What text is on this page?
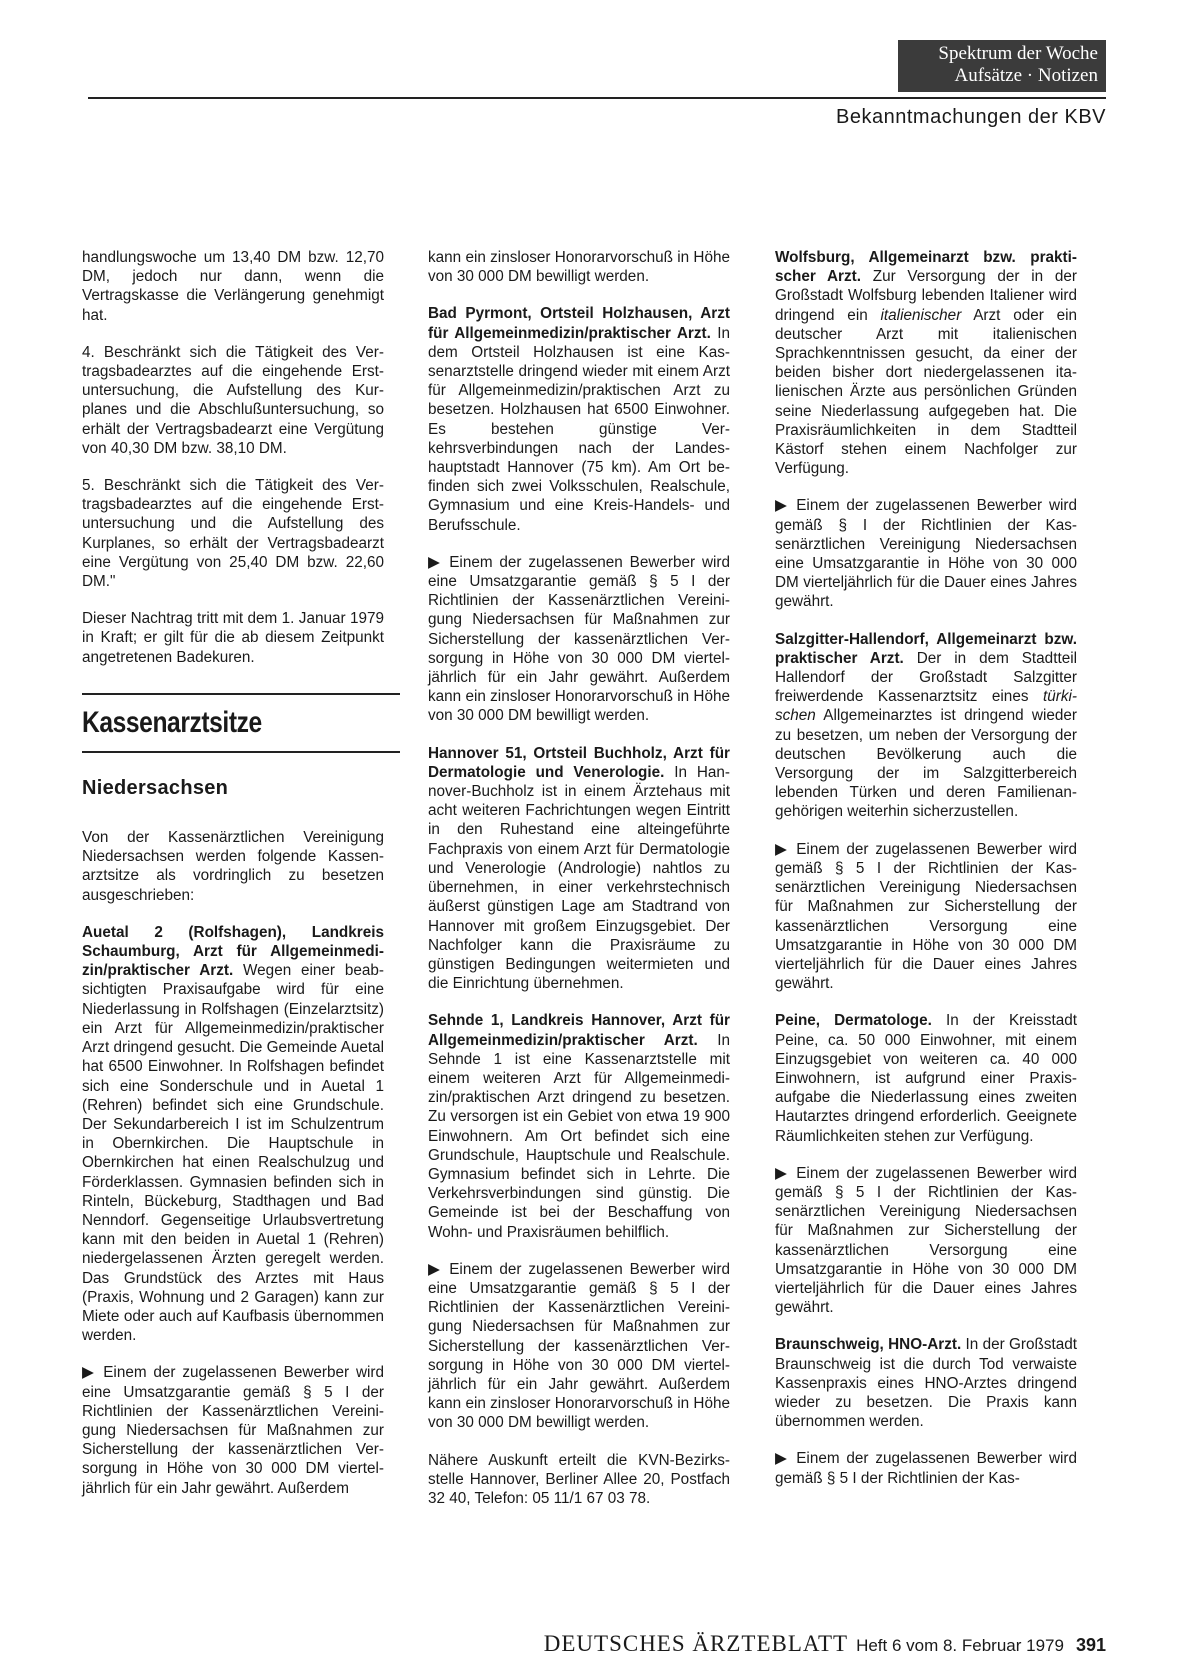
Spektrum der Woche
Aufsätze · Notizen
Bekanntmachungen der KBV

handlungswoche um 13,40 DM bzw. 12,70 DM, jedoch nur dann, wenn die Vertragskasse die Verlängerung genehmigt hat.

4. Beschränkt sich die Tätigkeit des Vertragsbadearztes auf die eingehende Erstuntersuchung, die Aufstellung des Kurplanes und die Abschlußuntersuchung, so erhält der Vertragsbadearzt eine Vergütung von 40,30 DM bzw. 38,10 DM.

5. Beschränkt sich die Tätigkeit des Vertragsbadearztes auf die eingehende Erstuntersuchung und die Aufstellung des Kurplanes, so erhält der Vertragsbadearzt eine Vergütung von 25,40 DM bzw. 22,60 DM."

Dieser Nachtrag tritt mit dem 1. Januar 1979 in Kraft; er gilt für die ab diesem Zeitpunkt angetretenen Badekuren.

Kassenarztsitze
Niedersachsen

Von der Kassenärztlichen Vereinigung Niedersachsen werden folgende Kassenarztsitze als vordringlich zu besetzen ausgeschrieben:

Auetal 2 (Rolfshagen), Landkreis Schaumburg, Arzt für Allgemeinmedizin/praktischer Arzt. Wegen einer beabsichtigten Praxisaufgabe wird für eine Niederlassung in Rolfshagen (Einzelarztsitz) ein Arzt für Allgemeinmedizin/praktischer Arzt dringend gesucht. Die Gemeinde Auetal hat 6500 Einwohner. In Rolfshagen befindet sich eine Sonderschule und in Auetal 1 (Rehren) befindet sich eine Grundschule. Der Sekundarbereich I ist im Schulzentrum in Obernkirchen. Die Hauptschule in Obernkirchen hat einen Realschulzug und Förderklassen. Gymnasien befinden sich in Rinteln, Bückeburg, Stadthagen und Bad Nenndorf. Gegenseitige Urlaubsvertretung kann mit den beiden in Auetal 1 (Rehren) niedergelassenen Ärzten geregelt werden. Das Grundstück des Arztes mit Haus (Praxis, Wohnung und 2 Garagen) kann zur Miete oder auch auf Kaufbasis übernommen werden.

▶ Einem der zugelassenen Bewerber wird eine Umsatzgarantie gemäß § 5 I der Richtlinien der Kassenärztlichen Vereinigung Niedersachsen für Maßnahmen zur Sicherstellung der kassenärztlichen Versorgung in Höhe von 30 000 DM vierteljährlich für ein Jahr gewährt. Außerdem

kann ein zinsloser Honorarvorschuß in Höhe von 30 000 DM bewilligt werden.

Bad Pyrmont, Ortsteil Holzhausen, Arzt für Allgemeinmedizin/praktischer Arzt. In dem Ortsteil Holzhausen ist eine Kassenarztstelle dringend wieder mit einem Arzt für Allgemeinmedizin/praktischen Arzt zu besetzen. Holzhausen hat 6500 Einwohner. Es bestehen günstige Verkehrsverbindungen nach der Landeshauptstadt Hannover (75 km). Am Ort befinden sich zwei Volksschulen, Realschule, Gymnasium und eine Kreis-Handels- und Berufsschule.

▶ Einem der zugelassenen Bewerber wird eine Umsatzgarantie gemäß § 5 I der Richtlinien der Kassenärztlichen Vereinigung Niedersachsen für Maßnahmen zur Sicherstellung der kassenärztlichen Versorgung in Höhe von 30 000 DM vierteljährlich für ein Jahr gewährt. Außerdem kann ein zinsloser Honorarvorschuß in Höhe von 30 000 DM bewilligt werden.

Hannover 51, Ortsteil Buchholz, Arzt für Dermatologie und Venerologie. In Hannover-Buchholz ist in einem Ärztehaus mit acht weiteren Fachrichtungen wegen Eintritt in den Ruhestand eine alteingeführte Fachpraxis von einem Arzt für Dermatologie und Venerologie (Andrologie) nahtlos zu übernehmen, in einer verkehrstechnisch äußerst günstigen Lage am Stadtrand von Hannover mit großem Einzugsgebiet. Der Nachfolger kann die Praxisräume zu günstigen Bedingungen weitermieten und die Einrichtung übernehmen.

Sehnde 1, Landkreis Hannover, Arzt für Allgemeinmedizin/praktischer Arzt. In Sehnde 1 ist eine Kassenarztstelle mit einem weiteren Arzt für Allgemeinmedizin/praktischen Arzt dringend zu besetzen. Zu versorgen ist ein Gebiet von etwa 19 900 Einwohnern. Am Ort befindet sich eine Grundschule, Hauptschule und Realschule. Gymnasium befindet sich in Lehrte. Die Verkehrsverbindungen sind günstig. Die Gemeinde ist bei der Beschaffung von Wohn- und Praxisräumen behilflich.

▶ Einem der zugelassenen Bewerber wird eine Umsatzgarantie gemäß § 5 I der Richtlinien der Kassenärztlichen Vereinigung Niedersachsen für Maßnahmen zur Sicherstellung der kassenärztlichen Versorgung in Höhe von 30 000 DM vierteljährlich für ein Jahr gewährt. Außerdem kann ein zinsloser Honorarvorschuß in Höhe von 30 000 DM bewilligt werden.

Nähere Auskunft erteilt die KVN-Bezirksstelle Hannover, Berliner Allee 20, Postfach 32 40, Telefon: 05 11/1 67 03 78.

Wolfsburg, Allgemeinarzt bzw. praktischer Arzt. Zur Versorgung der in der Großstadt Wolfsburg lebenden Italiener wird dringend ein italienischer Arzt oder ein deutscher Arzt mit italienischen Sprachkenntnissen gesucht, da einer der beiden bisher dort niedergelassenen italienischen Ärzte aus persönlichen Gründen seine Niederlassung aufgegeben hat. Die Praxisräumlichkeiten in dem Stadtteil Kästorf stehen einem Nachfolger zur Verfügung.

▶ Einem der zugelassenen Bewerber wird gemäß § I der Richtlinien der Kassenärztlichen Vereinigung Niedersachsen eine Umsatzgarantie in Höhe von 30 000 DM vierteljährlich für die Dauer eines Jahres gewährt.

Salzgitter-Hallendorf, Allgemeinarzt bzw. praktischer Arzt. Der in dem Stadtteil Hallendorf der Großstadt Salzgitter freiwerdende Kassenarztsitz eines türkischen Allgemeinarztes ist dringend wieder zu besetzen, um neben der Versorgung der deutschen Bevölkerung auch die Versorgung der im Salzgitterbereich lebenden Türken und deren Familienangehörigen weiterhin sicherzustellen.

▶ Einem der zugelassenen Bewerber wird gemäß § 5 I der Richtlinien der Kassenärztlichen Vereinigung Niedersachsen für Maßnahmen zur Sicherstellung der kassenärztlichen Versorgung eine Umsatzgarantie in Höhe von 30 000 DM vierteljährlich für die Dauer eines Jahres gewährt.

Peine, Dermatologe. In der Kreisstadt Peine, ca. 50 000 Einwohner, mit einem Einzugsgebiet von weiteren ca. 40 000 Einwohnern, ist aufgrund einer Praxisaufgabe die Niederlassung eines zweiten Hautarztes dringend erforderlich. Geeignete Räumlichkeiten stehen zur Verfügung.

▶ Einem der zugelassenen Bewerber wird gemäß § 5 I der Richtlinien der Kassenärztlichen Vereinigung Niedersachsen für Maßnahmen zur Sicherstellung der kassenärztlichen Versorgung eine Umsatzgarantie in Höhe von 30 000 DM vierteljährlich für die Dauer eines Jahres gewährt.

Braunschweig, HNO-Arzt. In der Großstadt Braunschweig ist die durch Tod verwaiste Kassenpraxis eines HNO-Arztes dringend wieder zu besetzen. Die Praxis kann übernommen werden.

▶ Einem der zugelassenen Bewerber wird gemäß § 5 I der Richtlinien der Kas-

DEUTSCHES ÄRZTEBLATT Heft 6 vom 8. Februar 1979 391
